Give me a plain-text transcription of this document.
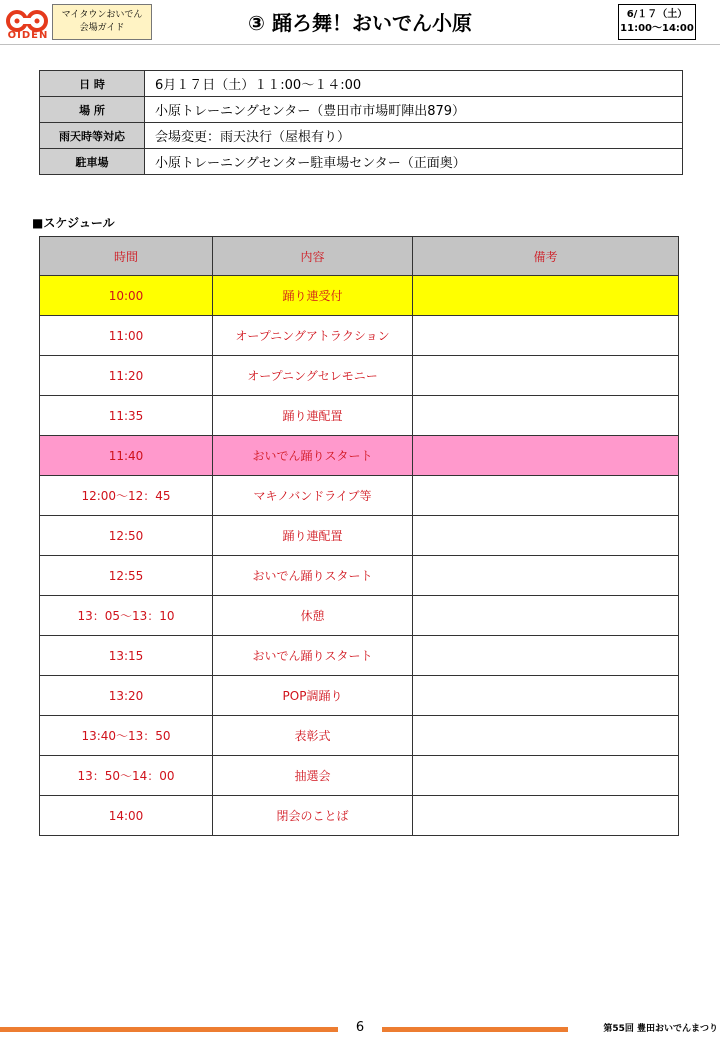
OIDEN
マイタウンおいでん
会場ガイド	③ 踊ろ舞！おいでん小原	6/１７（土）
11:00～14:00
日 時	6月１７日（土）１１:00～１４:00
場 所	小原トレーニングセンター（豊田市市場町陣出879）
雨天時等対応	会場変更：雨天決行（屋根有り）
駐車場	小原トレーニングセンター駐車場センター（正面奥）
■スケジュール
時間	内容	備考
10:00	踊り連受付	
11:00	オープニングアトラクション	
11:20	オープニングセレモニー	
11:35	踊り連配置	
11:40	おいでん踊りスタート	
12:00～12：45	マキノバンドライブ等	
12:50	踊り連配置	
12:55	おいでん踊りスタート	
13：05～13：10	休憩	
13:15	おいでん踊りスタート	
13:20	POP調踊り	
13:40～13：50	表彰式	
13：50～14：00	抽選会	
14:00	閉会のことば	
6	第55回 豊田おいでんまつり
